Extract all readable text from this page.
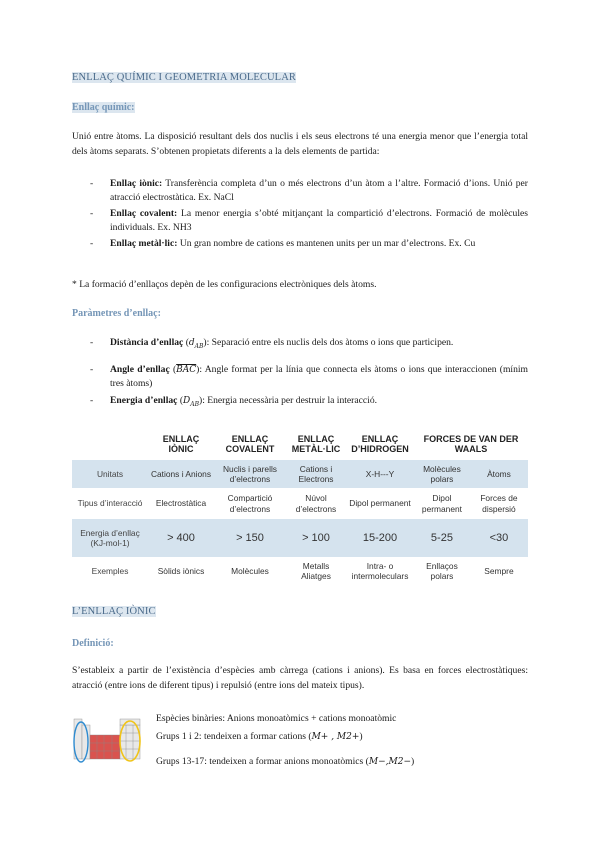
ENLLAÇ QUÍMIC I GEOMETRIA MOLECULAR
Enllaç químic:
Unió entre àtoms. La disposició resultant dels dos nuclis i els seus electrons té una energia menor que l’energia total dels àtoms separats. S’obtenen propietats diferents a la dels elements de partida:
- Enllaç iònic: Transferència completa d’un o més electrons d’un àtom a l’altre. Formació d’ions. Unió per atracció electrostàtica. Ex. NaCl
- Enllaç covalent: La menor energia s’obté mitjançant la compartició d’electrons. Formació de molècules individuals. Ex. NH3
- Enllaç metàl·lic: Un gran nombre de cations es mantenen units per un mar d’electrons. Ex. Cu
* La formació d’enllaços depèn de les configuracions electròniques dels àtoms.
Paràmetres d’enllaç:
- Distància d’enllaç $(d_{AB})$: Separació entre els nuclis dels dos àtoms o ions que participen.
- Angle d’enllaç $(\overline{BAC})$: Angle format per la línia que connecta els àtoms o ions que interaccionen (mínim tres àtoms)
- Energia d’enllaç $(D_{AB})$: Energia necessària per destruir la interacció.
	ENLLAÇ IÒNIC	ENLLAÇ COVALENT	ENLLAÇ METÀL·LIC	ENLLAÇ D’HIDROGEN	FORCES DE VAN DER WAALS	
Unitats	Cations i Anions	Nuclis i parells d’electrons	Cations i Electrons	X-H---Y	Molècules polars	Àtoms
Tipus d’interacció	Electrostàtica	Compartició d’electrons	Núvol d’electrons	Dipol permanent	Dipol permanent	Forces de dispersió
Energia d’enllaç (KJ-mol-1)	> 400	> 150	> 100	15-200	5-25	<30
Exemples	Sòlids iònics	Molècules	Metalls Aliatges	Intra- o intermoleculars	Enllaços polars	Sempre
L’ENLLAÇ IÒNIC
Definició:
S’estableix a partir de l’existència d’espècies amb càrrega (cations i anions). Es basa en forces electrostàtiques: atracció (entre ions de diferent tipus) i repulsió (entre ions del mateix tipus).
Espècies binàries: Anions monoatòmics + cations monoatòmic
Grups 1 i 2: tendeixen a formar cations (M+ , M2+)
Grups 13-17: tendeixen a formar anions monoatòmics (M−,M2−)
